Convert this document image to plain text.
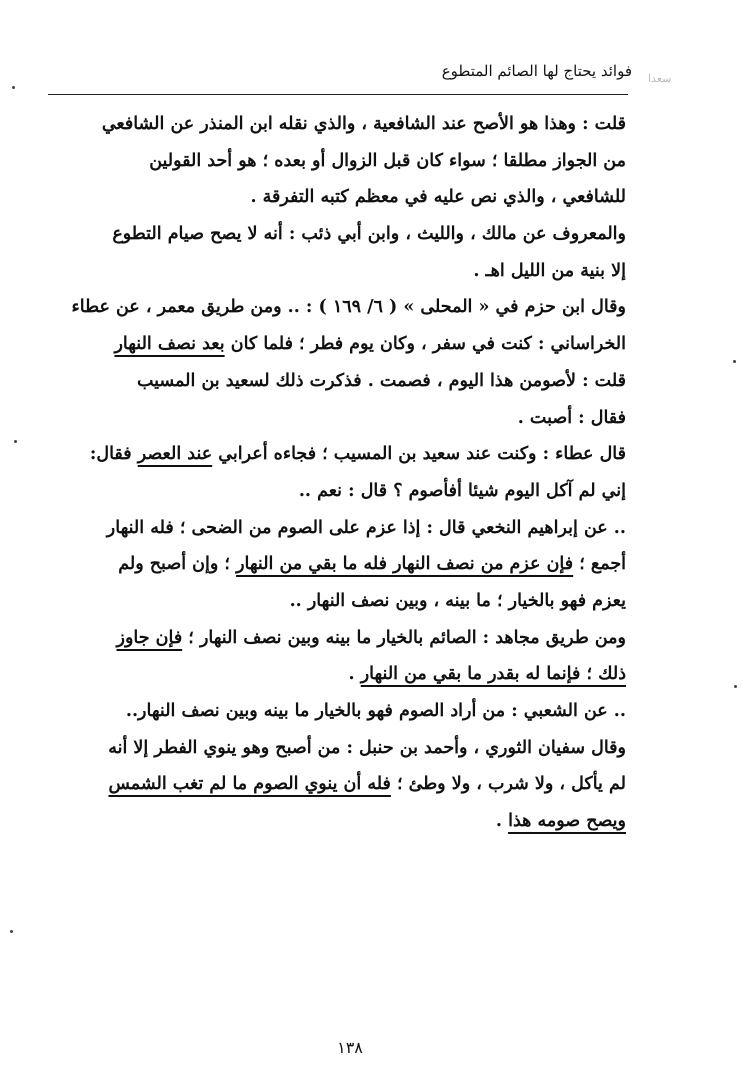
فوائد يحتاج لها الصائم المتطوع سعدا
قلت : وهذا هو الأصح عند الشافعية ، والذي نقله ابن المنذر عن الشافعي
من الجواز مطلقا ؛ سواء كان قبل الزوال أو بعده ؛ هو أحد القولين
للشافعي ، والذي نص عليه في معظم كتبه التفرقة .
والمعروف عن مالك ، والليث ، وابن أبي ذئب : أنه لا يصح صيام التطوع
إلا بنية من الليل اهـ .
وقال ابن حزم في « المحلى » ( ٦/ ١٦٩ ) : .. ومن طريق معمر ، عن عطاء
الخراساني : كنت في سفر ، وكان يوم فطر ؛ فلما كان بعد نصف النهار
قلت : لأصومن هذا اليوم ، فصمت . فذكرت ذلك لسعيد بن المسيب
فقال : أصبت .
قال عطاء : وكنت عند سعيد بن المسيب ؛ فجاءه أعرابي عند العصر فقال:
إني لم آكل اليوم شيئا أفأصوم ؟ قال : نعم ..
.. عن إبراهيم النخعي قال : إذا عزم على الصوم من الضحى ؛ فله النهار
أجمع ؛ فإن عزم من نصف النهار فله ما بقي من النهار ؛ وإن أصبح ولم
يعزم فهو بالخيار ؛ ما بينه ، وبين نصف النهار ..
ومن طريق مجاهد : الصائم بالخيار ما بينه وبين نصف النهار ؛ فإن جاوز
ذلك ؛ فإنما له بقدر ما بقي من النهار .
.. عن الشعبي : من أراد الصوم فهو بالخيار ما بينه وبين نصف النهار..
وقال سفيان الثوري ، وأحمد بن حنبل : من أصبح وهو ينوي الفطر إلا أنه
لم يأكل ، ولا شرب ، ولا وطئ ؛ فله أن ينوي الصوم ما لم تغب الشمس
ويصح صومه هذا .
١٣٨
